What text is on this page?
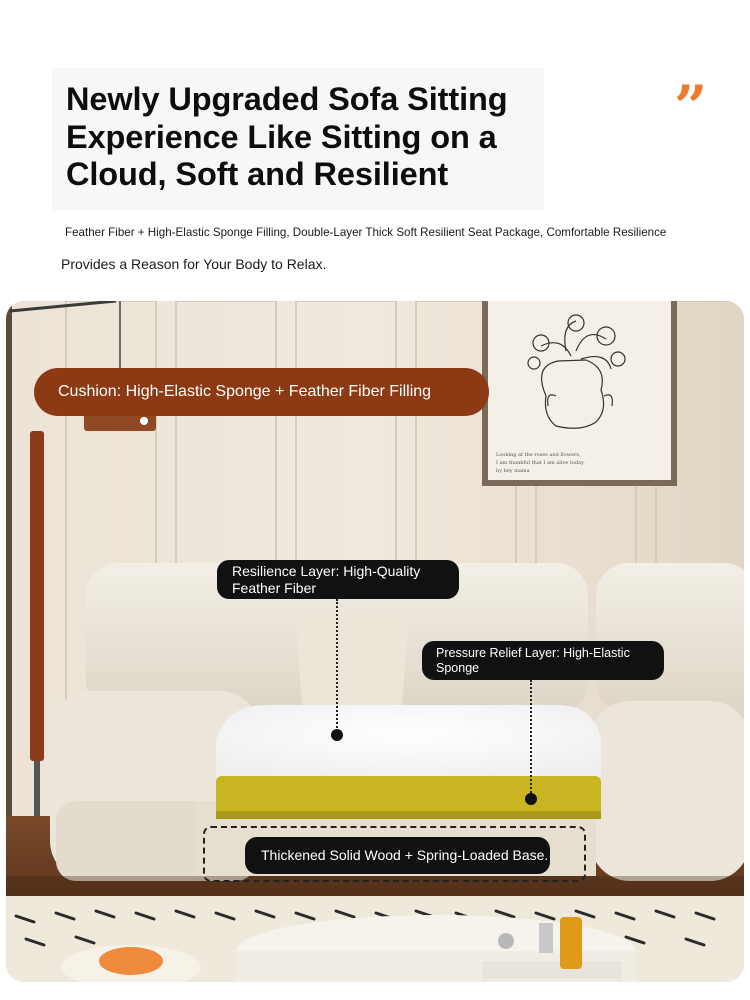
Newly Upgraded Sofa Sitting Experience Like Sitting on a Cloud, Soft and Resilient
”

Feather Fiber + High-Elastic Sponge Filling, Double-Layer Thick Soft Resilient Seat Package, Comfortable Resilience

Provides a Reason for Your Body to Relax.

Looking at the roses and flowers,
I am thankful that I am alive today.
by hey mama
Cushion: High-Elastic Sponge + Feather Fiber Filling
Resilience Layer: High-Quality Feather Fiber
Pressure Relief Layer: High-Elastic Sponge
Thickened Solid Wood + Spring-Loaded Base.
